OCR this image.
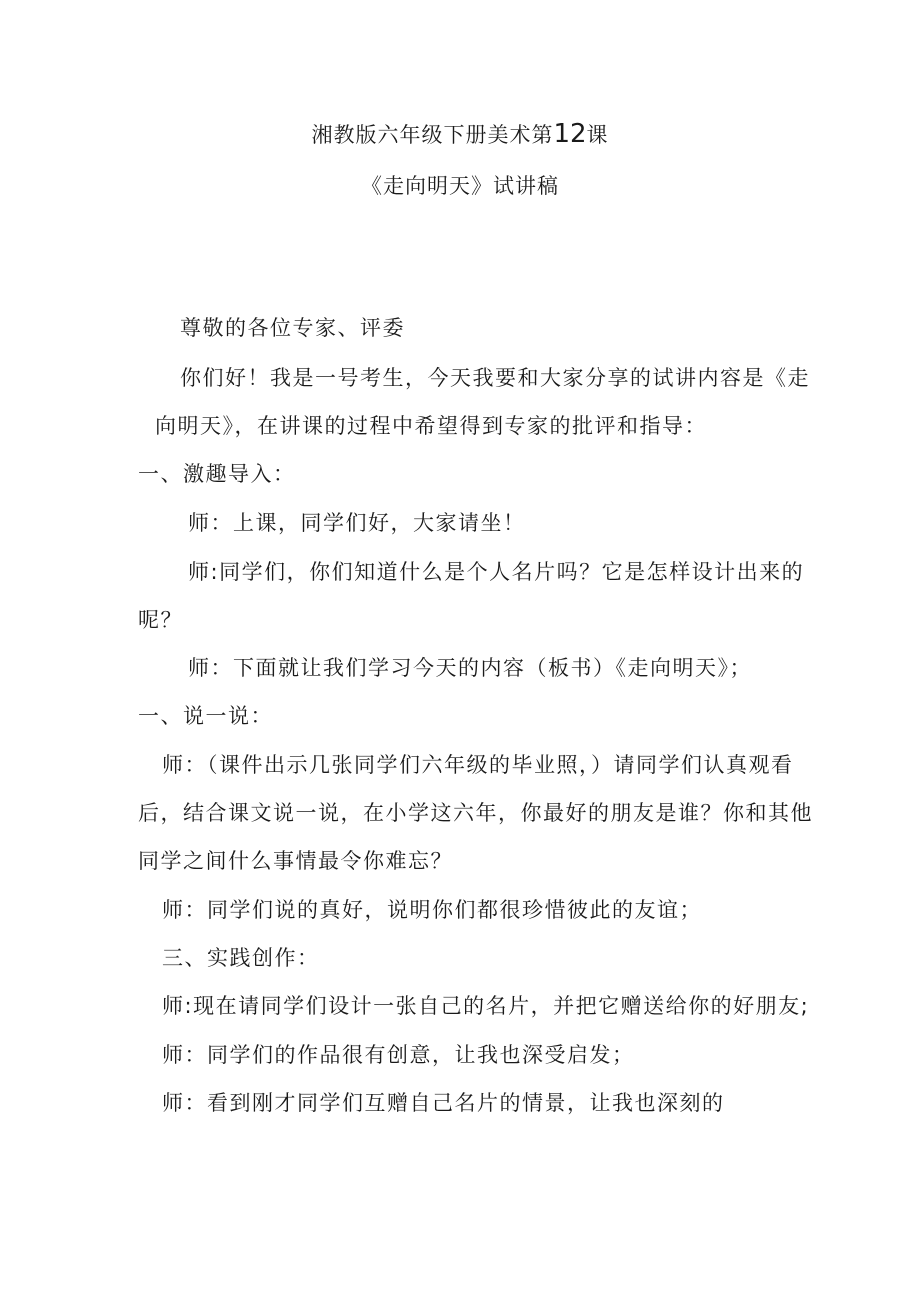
湘教版六年级下册美术第12课
《走向明天》试讲稿
尊敬的各位专家、评委
你们好！我是一号考生，今天我要和大家分享的试讲内容是《走
向明天》，在讲课的过程中希望得到专家的批评和指导：
一、激趣导入：
师：上课，同学们好，大家请坐！
师:同学们，你们知道什么是个人名片吗？它是怎样设计出来的
呢？
师：下面就让我们学习今天的内容（板书）《走向明天》；
一、说一说：
师：（课件出示几张同学们六年级的毕业照，）请同学们认真观看
后，结合课文说一说，在小学这六年，你最好的朋友是谁？你和其他
同学之间什么事情最令你难忘？
师：同学们说的真好，说明你们都很珍惜彼此的友谊；
三、实践创作：
师:现在请同学们设计一张自己的名片，并把它赠送给你的好朋友;
师：同学们的作品很有创意，让我也深受启发；
师：看到刚才同学们互赠自己名片的情景，让我也深刻的
